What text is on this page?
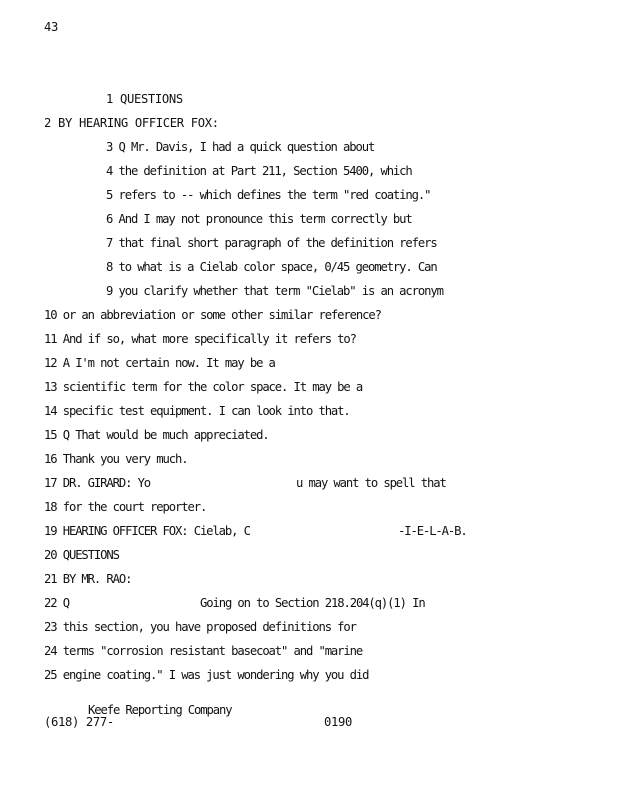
43
1 QUESTIONS
2 BY HEARING OFFICER FOX:
3 Q Mr. Davis, I had a quick question about
4 the definition at Part 211, Section 5400, which
5 refers to -- which defines the term "red coating."
6 And I may not pronounce this term correctly but
7 that final short paragraph of the definition refers
8 to what is a Cielab color space, 0/45 geometry. Can
9 you clarify whether that term "Cielab" is an acronym
10 or an abbreviation or some other similar reference?
11 And if so, what more specifically it refers to?
12 A I'm not certain now. It may be a
13 scientific term for the color space. It may be a
14 specific test equipment. I can look into that.
15 Q That would be much appreciated.
16 Thank you very much.
17 DR. GIRARD: Yo	u may want to spell that
18 for the court reporter.
19 HEARING OFFICER FOX: Cielab, C	-I-E-L-A-B.
20 QUESTIONS
21 BY MR. RAO:
22 Q	Going on to Section 218.204(q)(1) In
23 this section, you have proposed definitions for
24 terms "corrosion resistant basecoat" and "marine
25 engine coating." I was just wondering why you did
Keefe Reporting Company
(618) 277-	0190
